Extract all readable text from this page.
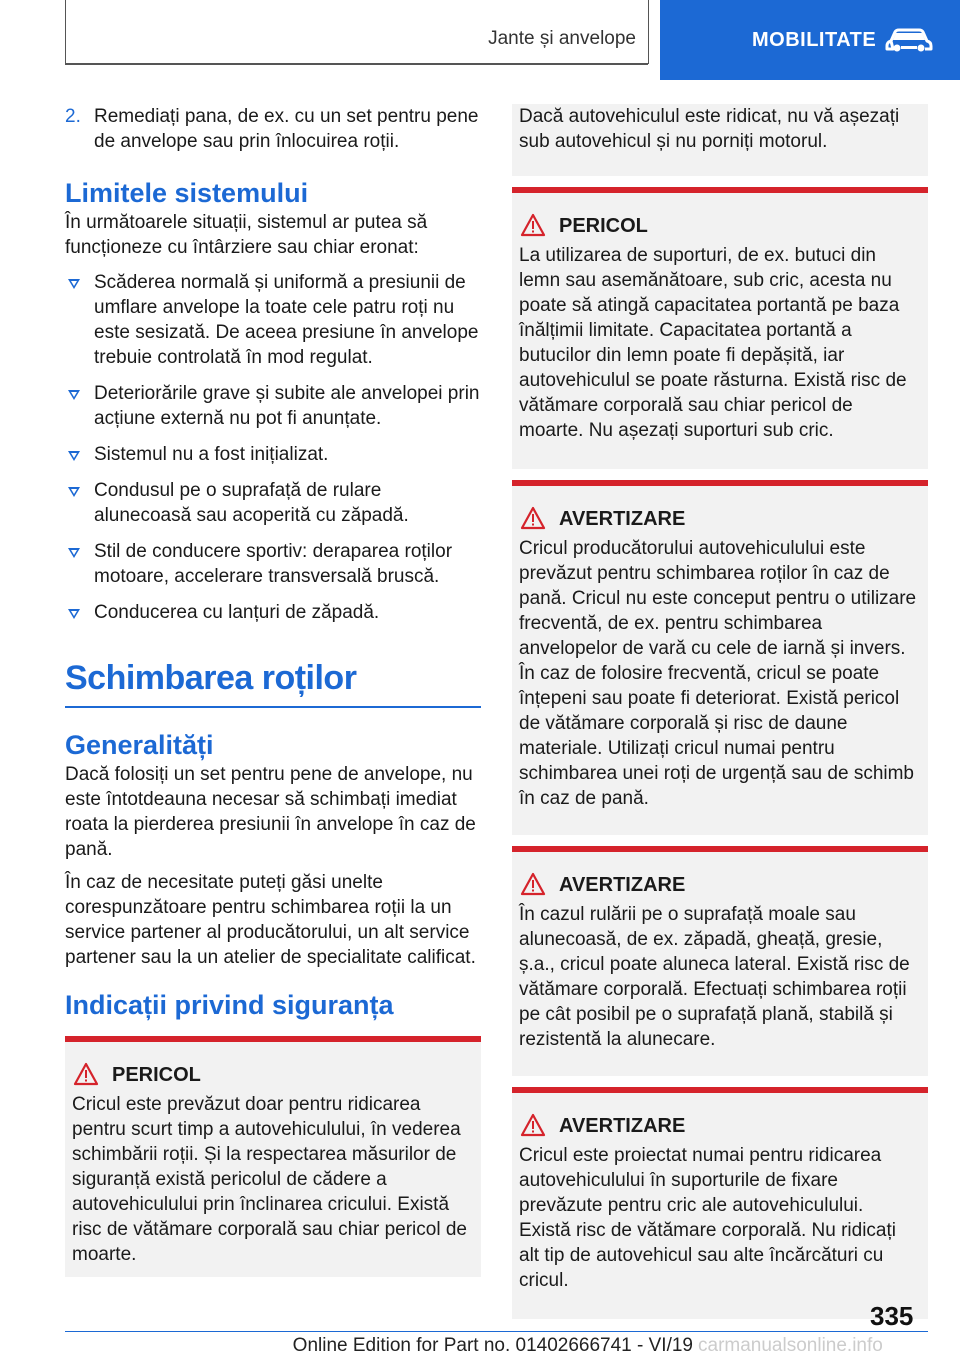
Jante și anvelope	MOBILITATE

2. Remediați pana, de ex. cu un set pentru pene de anvelope sau prin înlocuirea roții.

Limitele sistemului

În următoarele situații, sistemul ar putea să funcționeze cu întârziere sau chiar eronat:

Scăderea normală și uniformă a presiunii de umflare anvelope la toate cele patru roți nu este sesizată. De aceea presiune în anvelope trebuie controlată în mod regulat.
Deteriorările grave și subite ale anvelopei prin acțiune externă nu pot fi anunțate.
Sistemul nu a fost inițializat.
Condusul pe o suprafață de rulare alunecoasă sau acoperită cu zăpadă.
Stil de conducere sportiv: deraparea roților motoare, accelerare transversală bruscă.
Conducerea cu lanțuri de zăpadă.
Schimbarea roților
Generalități

Dacă folosiți un set pentru pene de anvelope, nu este întotdeauna necesar să schimbați imediat roata la pierderea presiunii în anvelope în caz de pană.

În caz de necesitate puteți găsi unelte corespunzătoare pentru schimbarea roții la un service partener al producătorului, un alt service partener sau la un atelier de specialitate calificat.

Indicații privind siguranța
PERICOL

Cricul este prevăzut doar pentru ridicarea pentru scurt timp a autovehiculului, în vederea schimbării roții. Și la respectarea măsurilor de siguranță există pericolul de cădere a autovehiculului prin înclinarea cricului. Există risc de vătămare corporală sau chiar pericol de moarte.

Dacă autovehiculul este ridicat, nu vă așezați sub autovehicul și nu porniți motorul.

PERICOL

La utilizarea de suporturi, de ex. butuci din lemn sau asemănătoare, sub cric, acesta nu poate să atingă capacitatea portantă pe baza înălțimii limitate. Capacitatea portantă a butucilor din lemn poate fi depășită, iar autovehiculul se poate răsturna. Există risc de vătămare corporală sau chiar pericol de moarte. Nu așezați suporturi sub cric.

AVERTIZARE

Cricul producătorului autovehiculului este prevăzut pentru schimbarea roților în caz de pană. Cricul nu este conceput pentru o utilizare frecventă, de ex. pentru schimbarea anvelopelor de vară cu cele de iarnă și invers. În caz de folosire frecventă, cricul se poate înțepeni sau poate fi deteriorat. Există pericol de vătămare corporală și risc de daune materiale. Utilizați cricul numai pentru schimbarea unei roți de urgență sau de schimb în caz de pană.

AVERTIZARE

În cazul rulării pe o suprafață moale sau alunecoasă, de ex. zăpadă, gheață, gresie, ș.a., cricul poate aluneca lateral. Există risc de vătămare corporală. Efectuați schimbarea roții pe cât posibil pe o suprafață plană, stabilă și rezistentă la alunecare.

AVERTIZARE

Cricul este proiectat numai pentru ridicarea autovehiculului în suporturile de fixare prevăzute pentru cric ale autovehiculului. Există risc de vătămare corporală. Nu ridicați alt tip de autovehicul sau alte încărcături cu cricul.

335
Online Edition for Part no. 01402666741 - VI/19 carmanualsonline.info
